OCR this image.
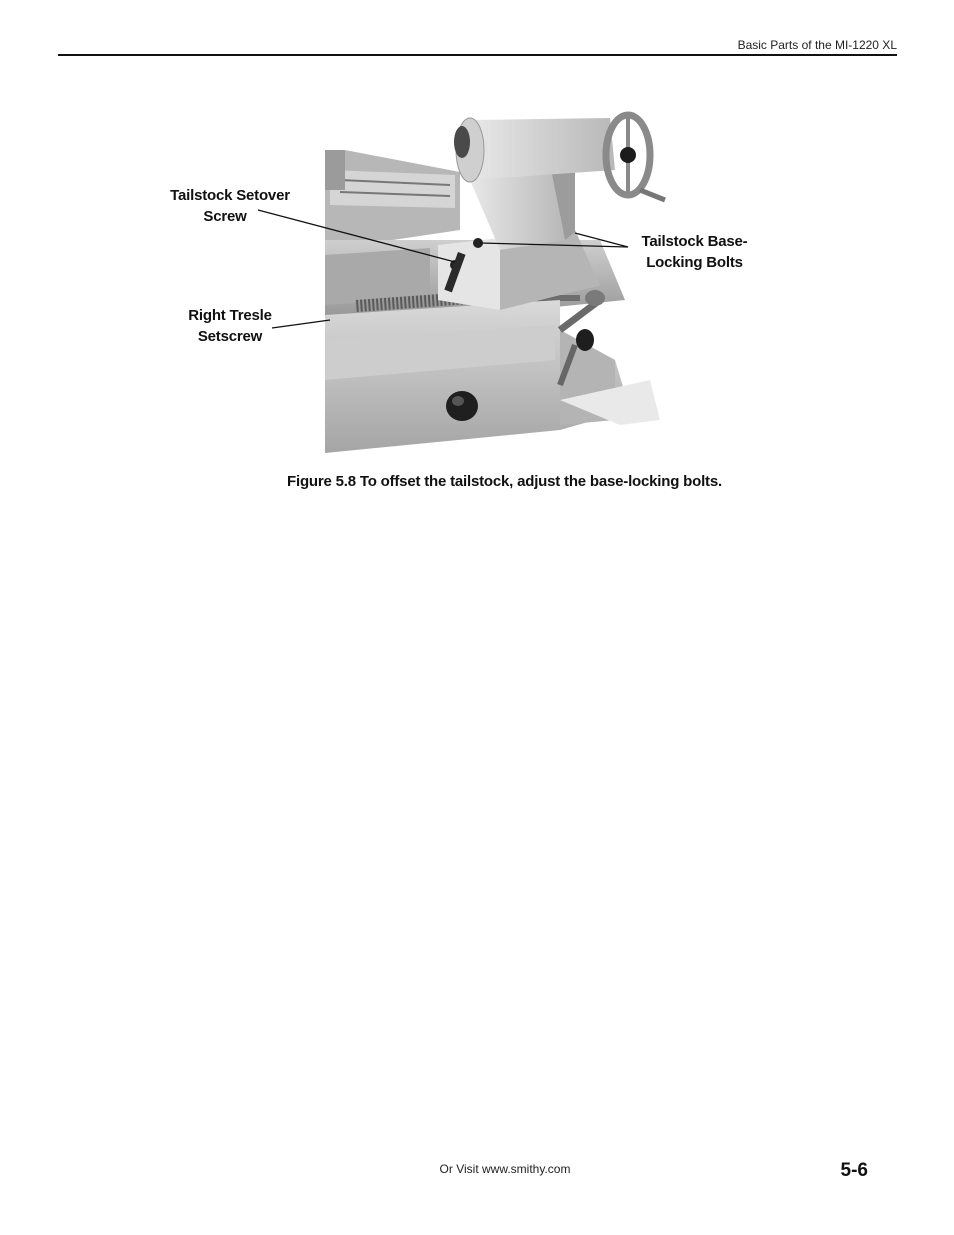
Basic Parts of the MI-1220 XL
Tailstock Setover
Screw
Tailstock Base-
Locking Bolts
Right Tresle
Setscrew
Figure 5.8 To offset the tailstock, adjust the base-locking bolts.
Or Visit www.smithy.com	5-6
